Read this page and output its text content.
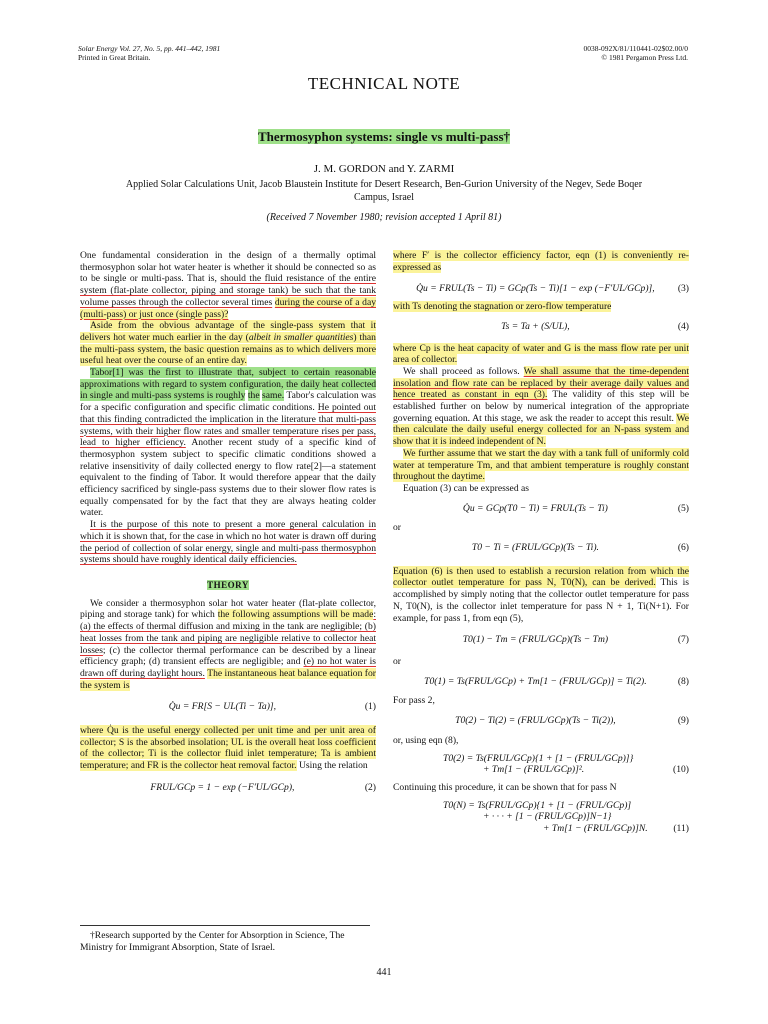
Solar Energy Vol. 27, No. 5, pp. 441–442, 1981
Printed in Great Britain.
0038-092X/81/110441-02$02.00/0
© 1981 Pergamon Press Ltd.
TECHNICAL NOTE
Thermosyphon systems: single vs multi-pass†
J. M. GORDON and Y. ZARMI
Applied Solar Calculations Unit, Jacob Blaustein Institute for Desert Research, Ben-Gurion University of the Negev, Sede Boqer Campus, Israel
(Received 7 November 1980; revision accepted 1 April 81)

One fundamental consideration in the design of a thermally optimal thermosyphon solar hot water heater is whether it should be connected so as to be single or multi-pass. That is, should the fluid resistance of the entire system (flat-plate collector, piping and storage tank) be such that the tank volume passes through the collector several times during the course of a day (multi-pass) or just once (single pass)?

Aside from the obvious advantage of the single-pass system that it delivers hot water much earlier in the day (albeit in smaller quantities) than the multi-pass system, the basic question remains as to which delivers more useful heat over the course of an entire day.

Tabor[1] was the first to illustrate that, subject to certain reasonable approximations with regard to system configuration, the daily heat collected in single and multi-pass systems is roughly the same. Tabor's calculation was for a specific configuration and specific climatic conditions. He pointed out that this finding contradicted the implication in the literature that multi-pass systems, with their higher flow rates and smaller temperature rises per pass, lead to higher efficiency. Another recent study of a specific kind of thermosyphon system subject to specific climatic conditions showed a relative insensitivity of daily collected energy to flow rate[2]—a statement equivalent to the finding of Tabor. It would therefore appear that the daily efficiency sacrificed by single-pass systems due to their slower flow rates is equally compensated for by the fact that they are always heating colder water.

It is the purpose of this note to present a more general calculation in which it is shown that, for the case in which no hot water is drawn off during the period of collection of solar energy, single and multi-pass thermosyphon systems should have roughly identical daily efficiencies.

THEORY

We consider a thermosyphon solar hot water heater (flat-plate collector, piping and storage tank) for which the following assumptions will be made: (a) the effects of thermal diffusion and mixing in the tank are negligible; (b) heat losses from the tank and piping are negligible relative to collector heat losses; (c) the collector thermal performance can be described by a linear efficiency graph; (d) transient effects are negligible; and (e) no hot water is drawn off during daylight hours. The instantaneous heat balance equation for the system is

Q̇u = FR[S − UL(Ti − Ta)],	(1)

where Q̇u is the useful energy collected per unit time and per unit area of collector; S is the absorbed insolation; UL is the overall heat loss coefficient of the collector; Ti is the collector fluid inlet temperature; Ta is ambient temperature; and FR is the collector heat removal factor. Using the relation

FRUL/GCp = 1 − exp (−F′UL/GCp),	(2)
†Research supported by the Center for Absorption in Science, The Ministry for Immigrant Absorption, State of Israel.

where F′ is the collector efficiency factor, eqn (1) is conveniently re-expressed as

Q̇u = FRUL(Ts − Ti) = GCp(Ts − Ti)[1 − exp (−F′UL/GCp)],	(3)

with Ts denoting the stagnation or zero-flow temperature

Ts = Ta + (S/UL),	(4)

where Cp is the heat capacity of water and G is the mass flow rate per unit area of collector.

We shall proceed as follows. We shall assume that the time-dependent insolation and flow rate can be replaced by their average daily values and hence treated as constant in eqn (3). The validity of this step will be established further on below by numerical integration of the appropriate governing equation. At this stage, we ask the reader to accept this result. We then calculate the daily useful energy collected for an N-pass system and show that it is indeed independent of N.

We further assume that we start the day with a tank full of uniformly cold water at temperature Tm, and that ambient temperature is roughly constant throughout the daytime.

Equation (3) can be expressed as

Q̇u = GCp(T0 − Ti) = FRUL(Ts − Ti)	(5)

or

T0 − Ti = (FRUL/GCp)(Ts − Ti).	(6)

Equation (6) is then used to establish a recursion relation from which the collector outlet temperature for pass N, T0(N), can be derived. This is accomplished by simply noting that the collector outlet temperature for pass N, T0(N), is the collector inlet temperature for pass N + 1, Ti(N+1). For example, for pass 1, from eqn (5),

T0(1) − Tm = (FRUL/GCp)(Ts − Tm)	(7)

or

T0(1) = Ts(FRUL/GCp) + Tm[1 − (FRUL/GCp)] = Ti(2).	(8)

For pass 2,

T0(2) − Ti(2) = (FRUL/GCp)(Ts − Ti(2)),	(9)

or, using eqn (8),

T0(2) = Ts(FRUL/GCp){1 + [1 − (FRUL/GCp)]}
+ Tm[1 − (FRUL/GCp)]².	(10)

Continuing this procedure, it can be shown that for pass N

T0(N) = Ts(FRUL/GCp){1 + [1 − (FRUL/GCp)]
+ · · · + [1 − (FRUL/GCp)]N−1}
+ Tm[1 − (FRUL/GCp)]N.	(11)
441
